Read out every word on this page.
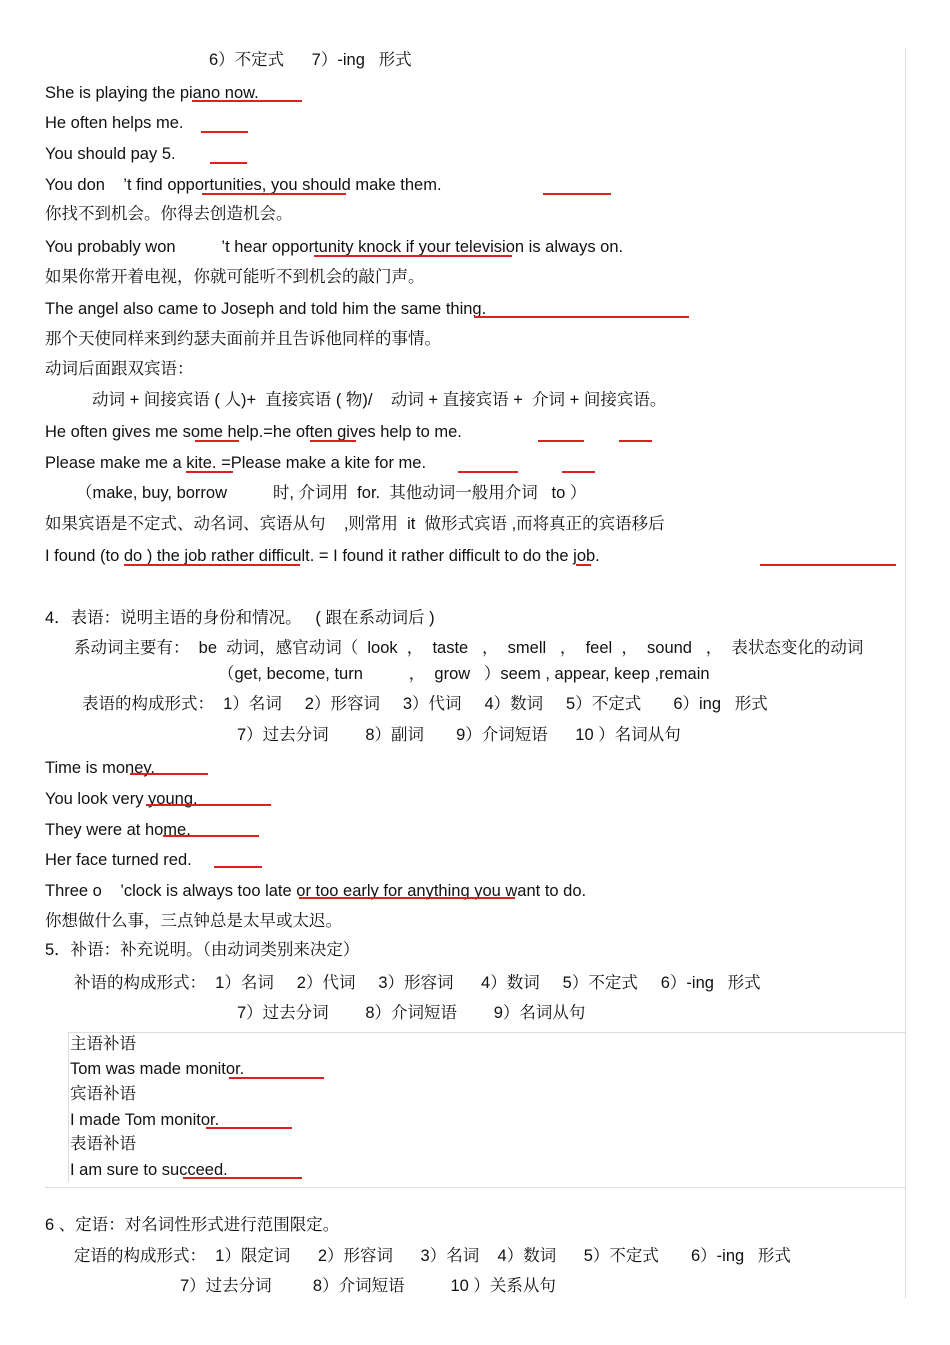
6）不定式      7）-ing   形式
She is playing the piano now.
He often helps me.
You should pay 5.
You don    ’t find opportunities, you should make them.
你找不到机会。你得去创造机会。
You probably won          ’t hear opportunity knock if your television is always on.
如果你常开着电视，你就可能听不到机会的敲门声。
The angel also came to Joseph and told him the same thing.
那个天使同样来到约瑟夫面前并且告诉他同样的事情。
动词后面跟双宾语：
动词 + 间接宾语 ( 人)+  直接宾语 ( 物)/    动词 + 直接宾语 +  介词 + 间接宾语。
He often gives me some help.=he often gives help to me.
Please make me a kite. =Please make a kite for me.
（make, buy, borrow          时, 介词用  for.  其他动词一般用介词   to ）
如果宾语是不定式、动名词、宾语从句    ,则常用  it  做形式宾语 ,而将真正的宾语移后
I found (to do ) the job rather difficult. = I found it rather difficult to do the job.
4．表语：说明主语的身份和情况。   ( 跟在系动词后 )
系动词主要有：  be  动词，感官动词（  look  ，  taste   ，  smell   ，  feel  ，  sound   ，  表状态变化的动词
（get, become, turn          ，  grow   ）seem , appear, keep ,remain
表语的构成形式：  1）名词     2）形容词     3）代词     4）数词     5）不定式       6）ing   形式
7）过去分词        8）副词       9）介词短语      10 ）名词从句
Time is money.
You look very young.
They were at home.
Her face turned red.
Three o    ’clock is always too late or too early for anything you want to do.
你想做什么事，三点钟总是太早或太迟。
5．补语：补充说明。（由动词类别来决定）
补语的构成形式：  1）名词     2）代词     3）形容词      4）数词     5）不定式     6）-ing   形式
7）过去分词        8）介词短语        9）名词从句
主语补语
Tom was made monitor.
宾语补语
I made Tom monitor.
表语补语
I am sure to succeed.
6 、定语：对名词性形式进行范围限定。
定语的构成形式：  1）限定词      2）形容词      3）名词    4）数词      5）不定式       6）-ing   形式
7）过去分词         8）介词短语          10 ）关系从句
